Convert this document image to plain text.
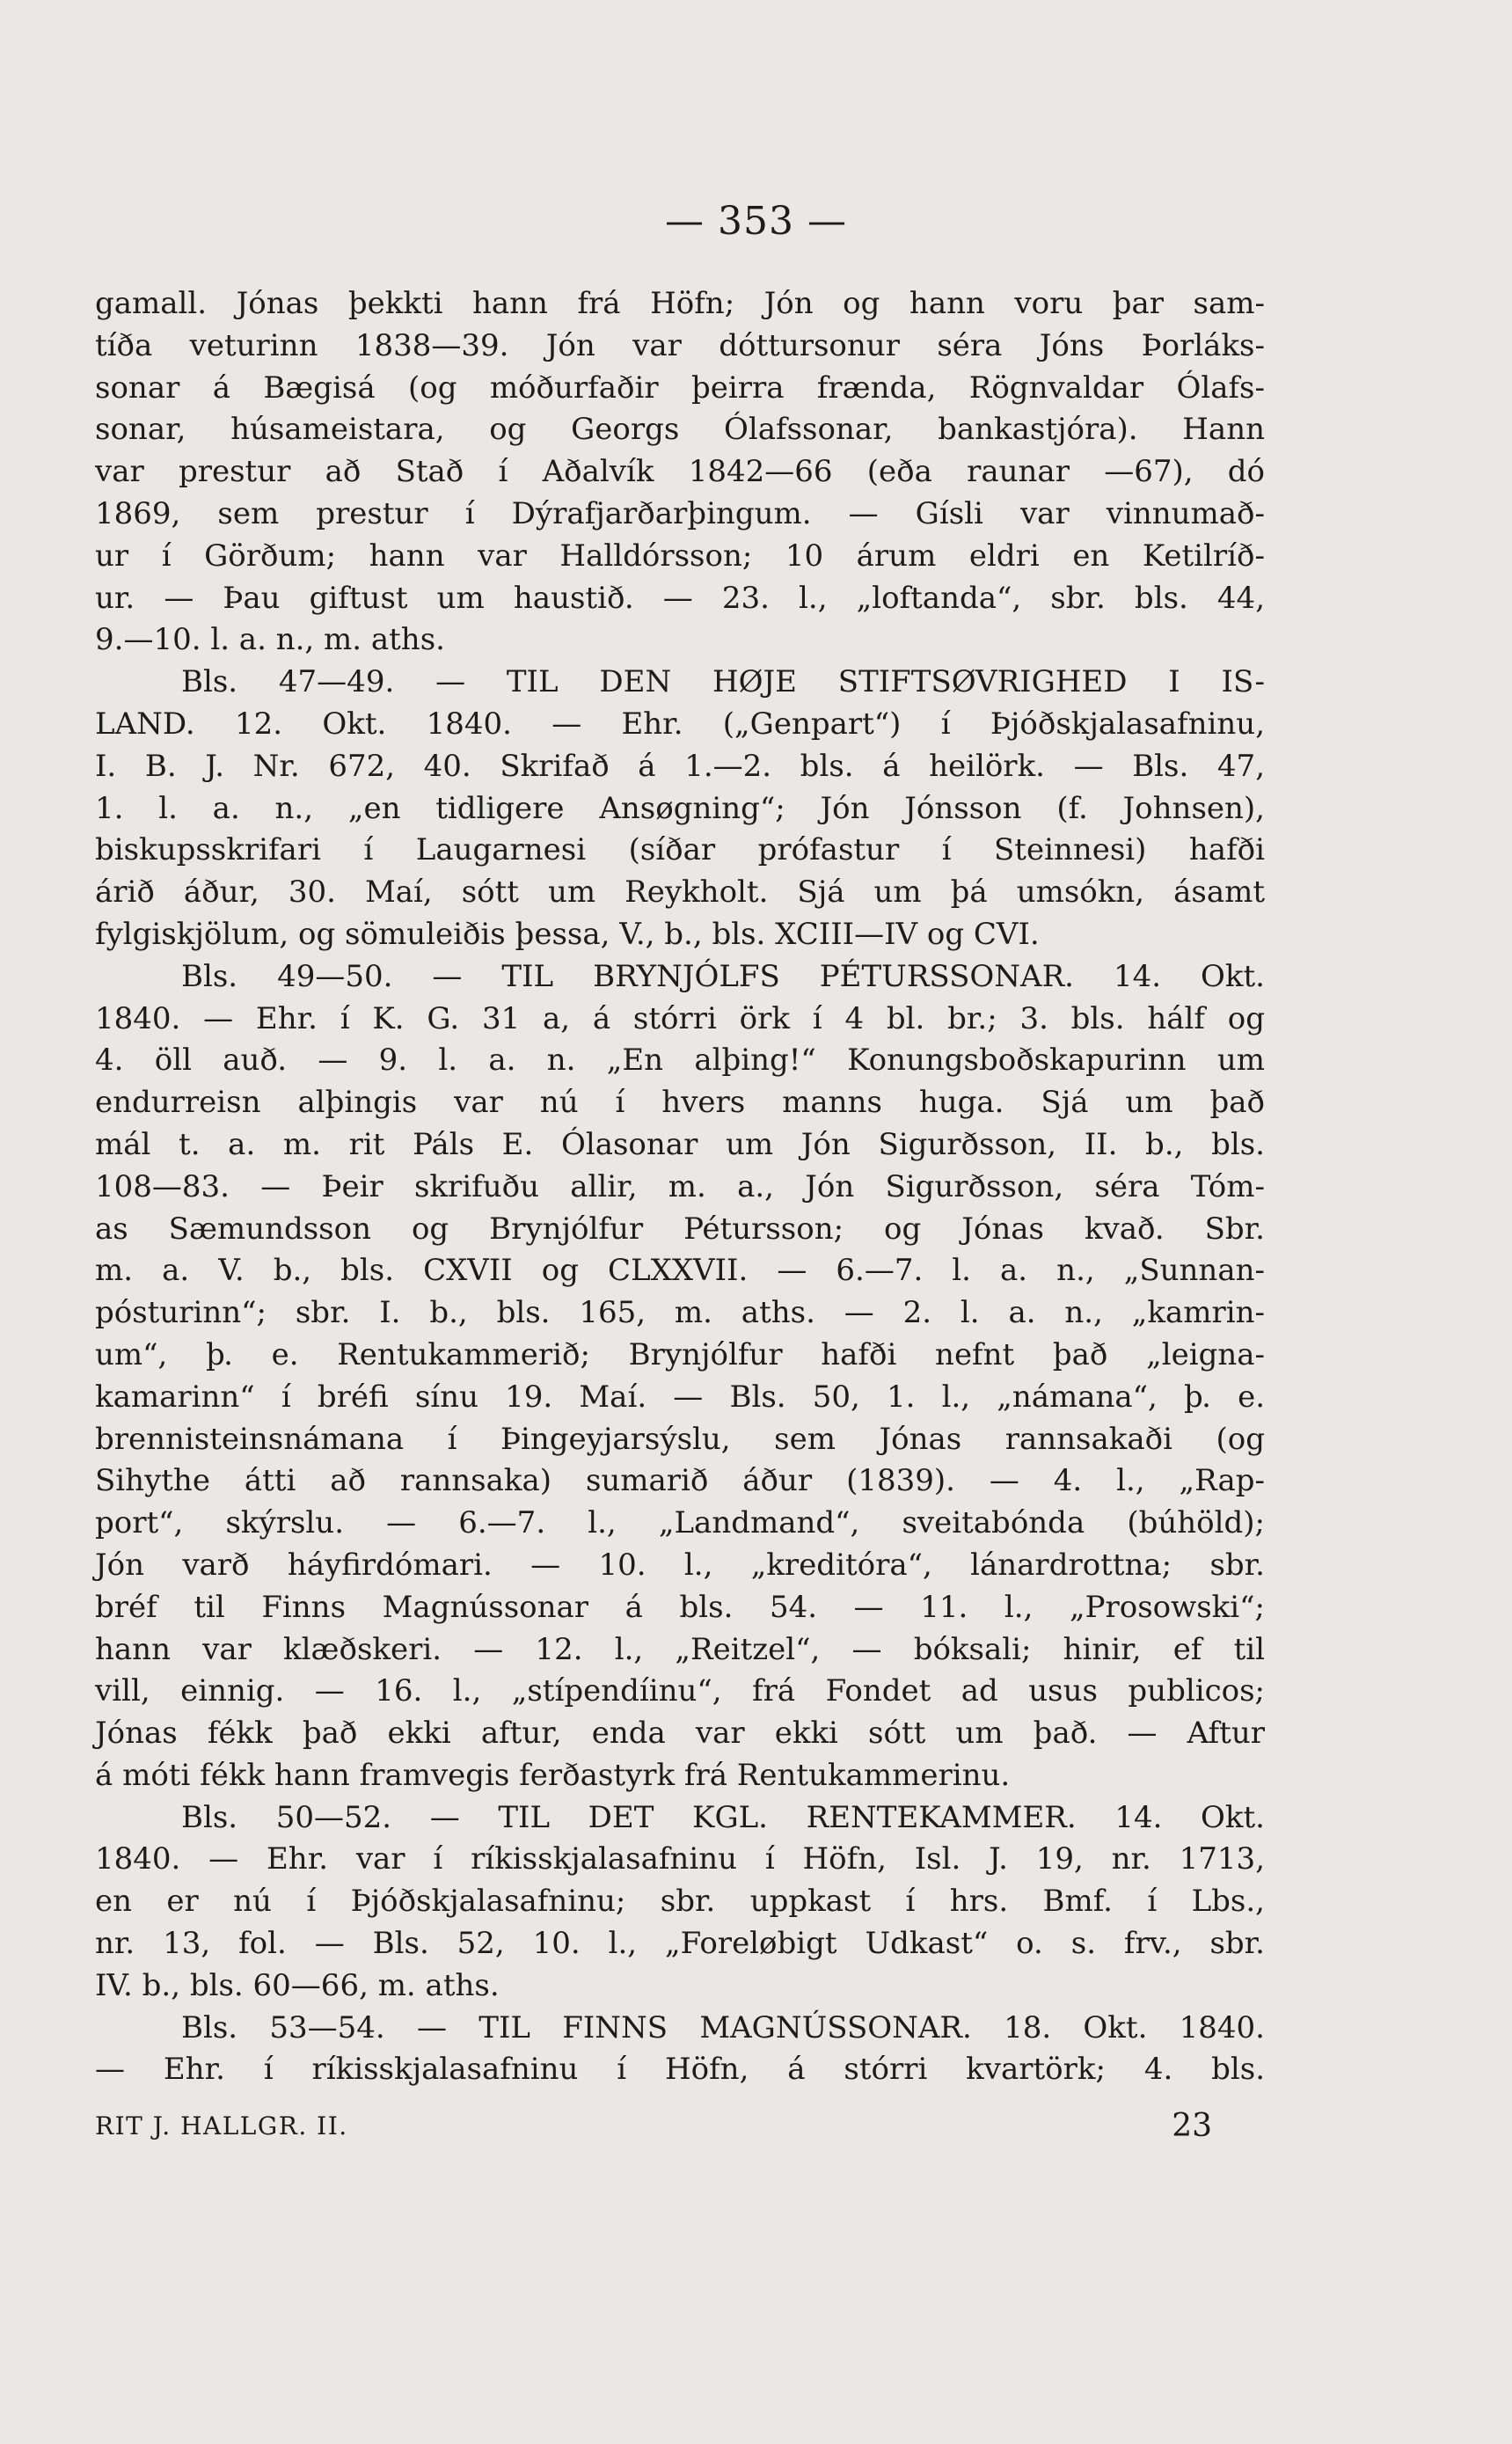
— 353 —
gamall. Jónas þekkti hann frá Höfn; Jón og hann voru þar sam-
tíða veturinn 1838—39. Jón var dóttursonur séra Jóns Þorláks-
sonar á Bægisá (og móðurfaðir þeirra frænda, Rögnvaldar Ólafs-
sonar, húsameistara, og Georgs Ólafssonar, bankastjóra). Hann
var prestur að Stað í Aðalvík 1842—66 (eða raunar —67), dó
1869, sem prestur í Dýrafjarðarþingum. — Gísli var vinnumað-
ur í Görðum; hann var Halldórsson; 10 árum eldri en Ketilríð-
ur. — Þau giftust um haustið. — 23. l., „loftanda“, sbr. bls. 44,
9.—10. l. a. n., m. aths.
Bls. 47—49. — TIL DEN HØJE STIFTSØVRIGHED I IS-
LAND. 12. Okt. 1840. — Ehr. („Genpart“) í Þjóðskjalasafninu,
I. B. J. Nr. 672, 40. Skrifað á 1.—2. bls. á heilörk. — Bls. 47,
1. l. a. n., „en tidligere Ansøgning“; Jón Jónsson (f. Johnsen),
biskupsskrifari í Laugarnesi (síðar prófastur í Steinnesi) hafði
árið áður, 30. Maí, sótt um Reykholt. Sjá um þá umsókn, ásamt
fylgiskjölum, og sömuleiðis þessa, V., b., bls. XCIII—IV og CVI.
Bls. 49—50. — TIL BRYNJÓLFS PÉTURSSONAR. 14. Okt.
1840. — Ehr. í K. G. 31 a, á stórri örk í 4 bl. br.; 3. bls. hálf og
4. öll auð. — 9. l. a. n. „En alþing!“ Konungsboðskapurinn um
endurreisn alþingis var nú í hvers manns huga. Sjá um það
mál t. a. m. rit Páls E. Ólasonar um Jón Sigurðsson, II. b., bls.
108—83. — Þeir skrifuðu allir, m. a., Jón Sigurðsson, séra Tóm-
as Sæmundsson og Brynjólfur Pétursson; og Jónas kvað. Sbr.
m. a. V. b., bls. CXVII og CLXXVII. — 6.—7. l. a. n., „Sunnan-
pósturinn“; sbr. I. b., bls. 165, m. aths. — 2. l. a. n., „kamrin-
um“, þ. e. Rentukammerið; Brynjólfur hafði nefnt það „leigna-
kamarinn“ í bréfi sínu 19. Maí. — Bls. 50, 1. l., „námana“, þ. e.
brennisteinsnámana í Þingeyjarsýslu, sem Jónas rannsakaði (og
Sihythe átti að rannsaka) sumarið áður (1839). — 4. l., „Rap-
port“, skýrslu. — 6.—7. l., „Landmand“, sveitabónda (búhöld);
Jón varð háyfirdómari. — 10. l., „kreditóra“, lánardrottna; sbr.
bréf til Finns Magnússonar á bls. 54. — 11. l., „Prosowski“;
hann var klæðskeri. — 12. l., „Reitzel“, — bóksali; hinir, ef til
vill, einnig. — 16. l., „stípendíinu“, frá Fondet ad usus publicos;
Jónas fékk það ekki aftur, enda var ekki sótt um það. — Aftur
á móti fékk hann framvegis ferðastyrk frá Rentukammerinu.
Bls. 50—52. — TIL DET KGL. RENTEKAMMER. 14. Okt.
1840. — Ehr. var í ríkisskjalasafninu í Höfn, Isl. J. 19, nr. 1713,
en er nú í Þjóðskjalasafninu; sbr. uppkast í hrs. Bmf. í Lbs.,
nr. 13, fol. — Bls. 52, 10. l., „Foreløbigt Udkast“ o. s. frv., sbr.
IV. b., bls. 60—66, m. aths.
Bls. 53—54. — TIL FINNS MAGNÚSSONAR. 18. Okt. 1840.
— Ehr. í ríkisskjalasafninu í Höfn, á stórri kvartörk; 4. bls.
RIT J. HALLGR. II.	23
